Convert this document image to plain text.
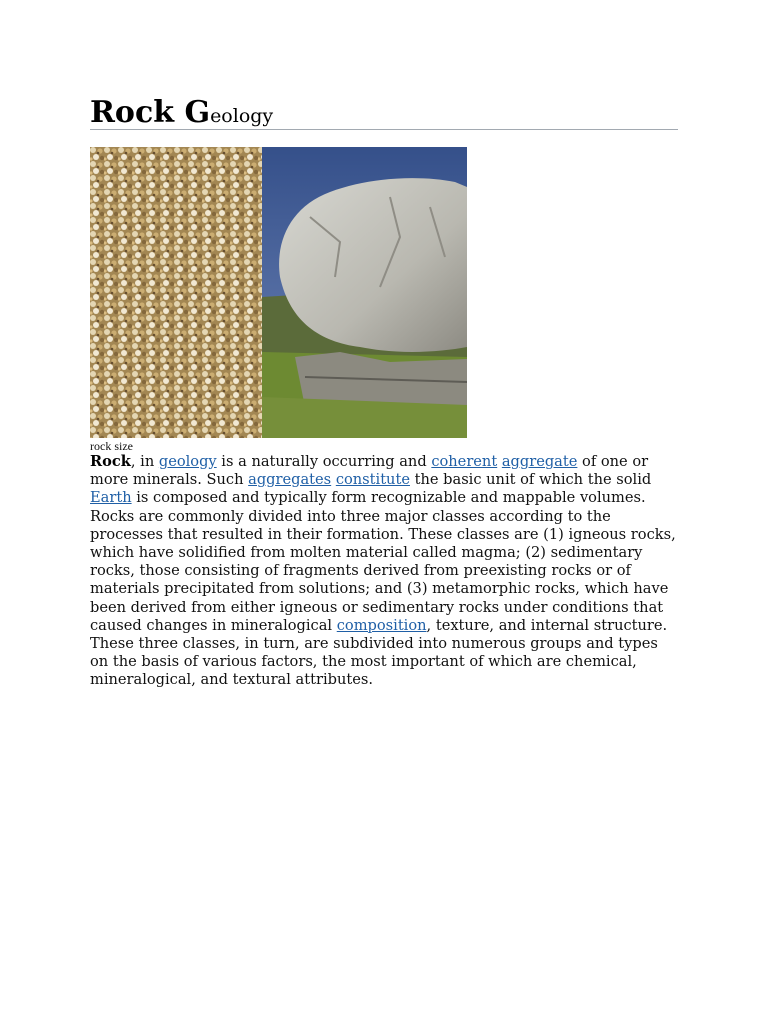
Rock Geology
rock size

Rock, in geology is a naturally occurring and coherent aggregate of one or more minerals. Such aggregates constitute the basic unit of which the solid Earth is composed and typically form recognizable and mappable volumes. Rocks are commonly divided into three major classes according to the processes that resulted in their formation. These classes are (1) igneous rocks, which have solidified from molten material called magma; (2) sedimentary rocks, those consisting of fragments derived from preexisting rocks or of materials precipitated from solutions; and (3) metamorphic rocks, which have been derived from either igneous or sedimentary rocks under conditions that caused changes in mineralogical composition, texture, and internal structure. These three classes, in turn, are subdivided into numerous groups and types on the basis of various factors, the most important of which are chemical, mineralogical, and textural attributes.
